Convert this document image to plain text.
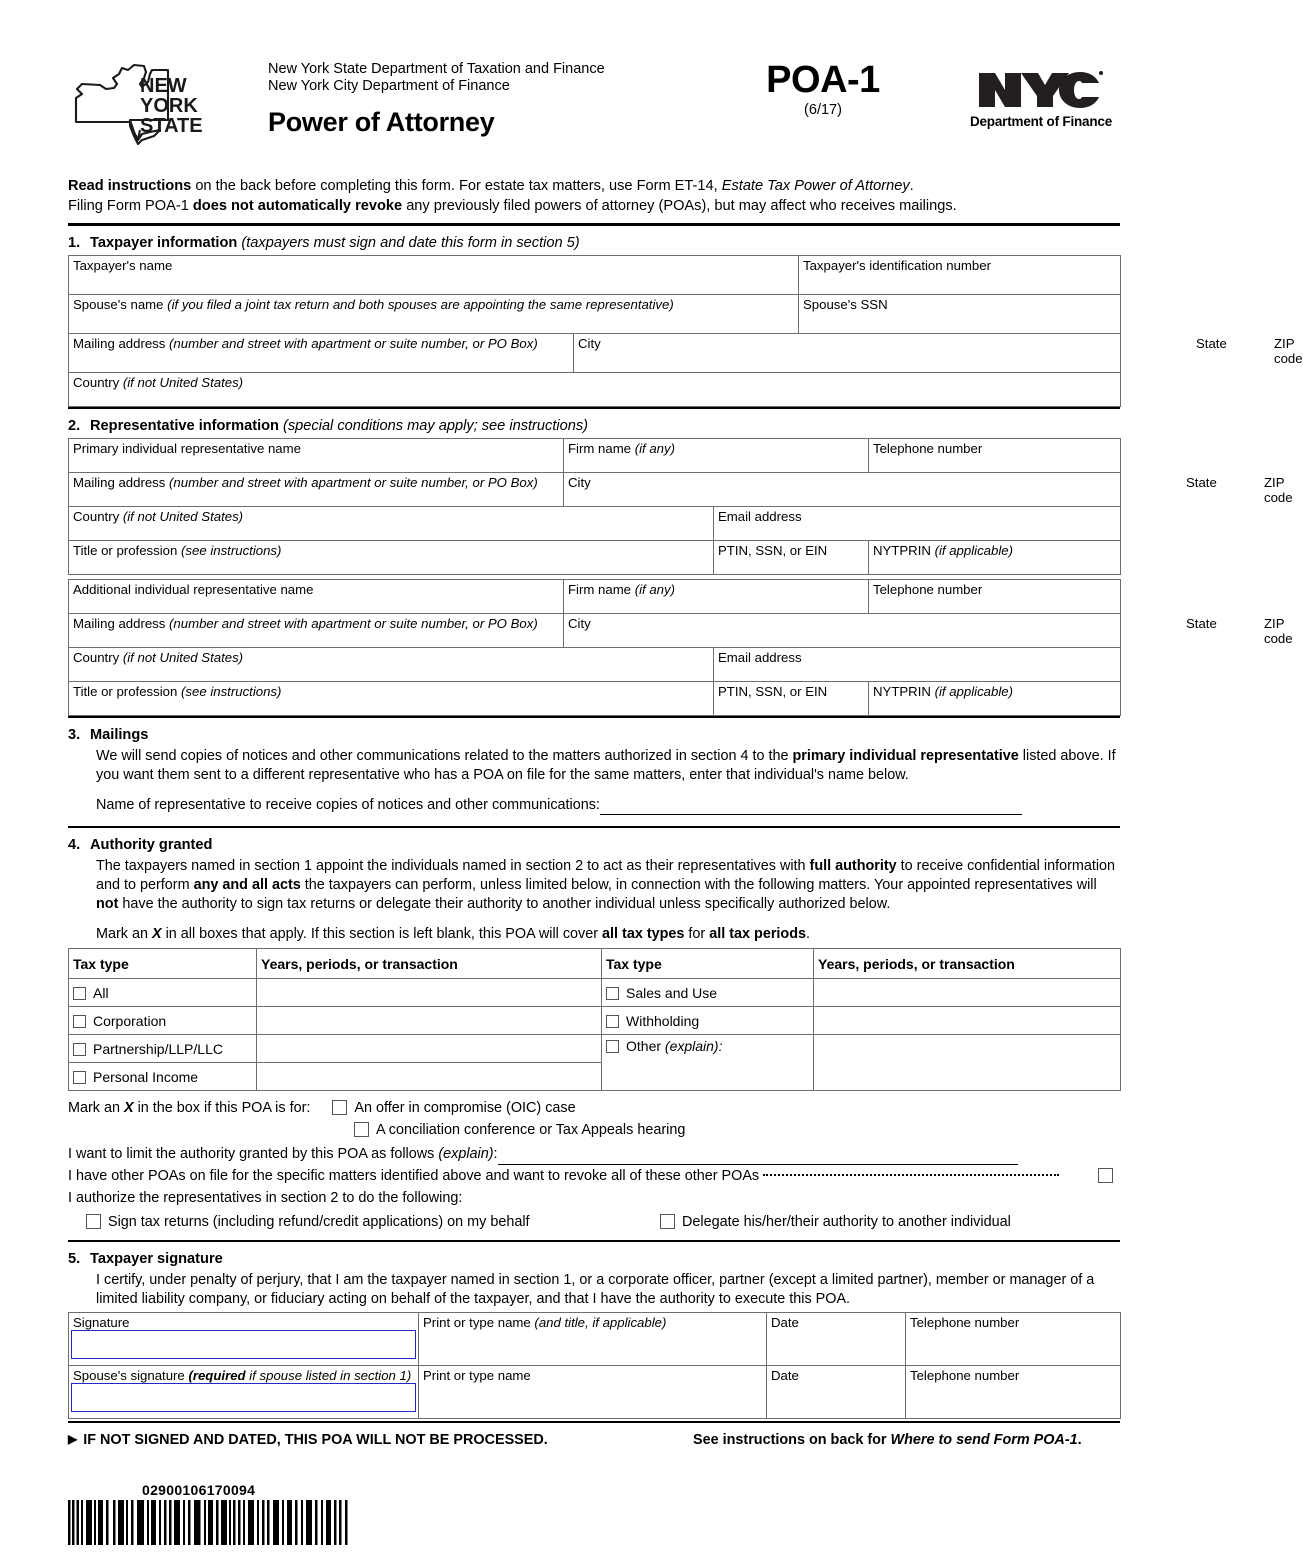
NEW
YORK
STATE
New York State Department of Taxation and Finance
New York City Department of Finance
Power of Attorney
POA-1
(6/17)
Department of Finance
Read instructions on the back before completing this form. For estate tax matters, use Form ET-14, Estate Tax Power of Attorney.
Filing Form POA-1 does not automatically revoke any previously filed powers of attorney (POAs), but may affect who receives mailings.
1. Taxpayer information (taxpayers must sign and date this form in section 5)
Taxpayer's name		Taxpayer's identification number
Spouse's name (if you filed a joint tax return and both spouses are appointing the same representative)		Spouse's SSN
Mailing address (number and street with apartment or suite number, or PO Box)	City State ZIP code	

Country (if not United States)		
2. Representative information (special conditions may apply; see instructions)
Primary individual representative name	Firm name (if any)		Telephone number
Mailing address (number and street with apartment or suite number, or PO Box)	City State ZIP code		

Country (if not United States)		Email address	
Title or profession (see instructions)		PTIN, SSN, or EIN	NYTPRIN (if applicable)
Additional individual representative name	Firm name (if any)		Telephone number
Mailing address (number and street with apartment or suite number, or PO Box)	City State ZIP code		

Country (if not United States)		Email address	
Title or profession (see instructions)		PTIN, SSN, or EIN	NYTPRIN (if applicable)
3. Mailings

We will send copies of notices and other communications related to the matters authorized in section 4 to the primary individual representative listed above. If you want them sent to a different representative who has a POA on file for the same matters, enter that individual's name below.

Name of representative to receive copies of notices and other communications:

4. Authority granted

The taxpayers named in section 1 appoint the individuals named in section 2 to act as their representatives with full authority to receive confidential information and to perform any and all acts the taxpayers can perform, unless limited below, in connection with the following matters. Your appointed representatives will not have the authority to sign tax returns or delegate their authority to another individual unless specifically authorized below.

Mark an X in all boxes that apply. If this section is left blank, this POA will cover all tax types for all tax periods.

Tax type	Years, periods, or transaction	Tax type	Years, periods, or transaction
All		Sales and Use	
Corporation		Withholding	
Partnership/LLP/LLC		Other (explain):	
Personal Income			
Mark an X in the box if this POA is for:	An offer in compromise (OIC) case
A conciliation conference or Tax Appeals hearing
I want to limit the authority granted by this POA as follows (explain):
I have other POAs on file for the specific matters identified above and want to revoke all of these other POAs
I authorize the representatives in section 2 to do the following:
Sign tax returns (including refund/credit applications) on my behalf	Delegate his/her/their authority to another individual
5. Taxpayer signature
I certify, under penalty of perjury, that I am the taxpayer named in section 1, or a corporate officer, partner (except a limited partner), member or manager of a limited liability company, or fiduciary acting on behalf of the taxpayer, and that I have the authority to execute this POA.
Signature	Print or type name (and title, if applicable)	Date	Telephone number
Spouse's signature (required if spouse listed in section 1)	Print or type name	Date	Telephone number
▶ IF NOT SIGNED AND DATED, THIS POA WILL NOT BE PROCESSED.	See instructions on back for Where to send Form POA-1.
02900106170094
